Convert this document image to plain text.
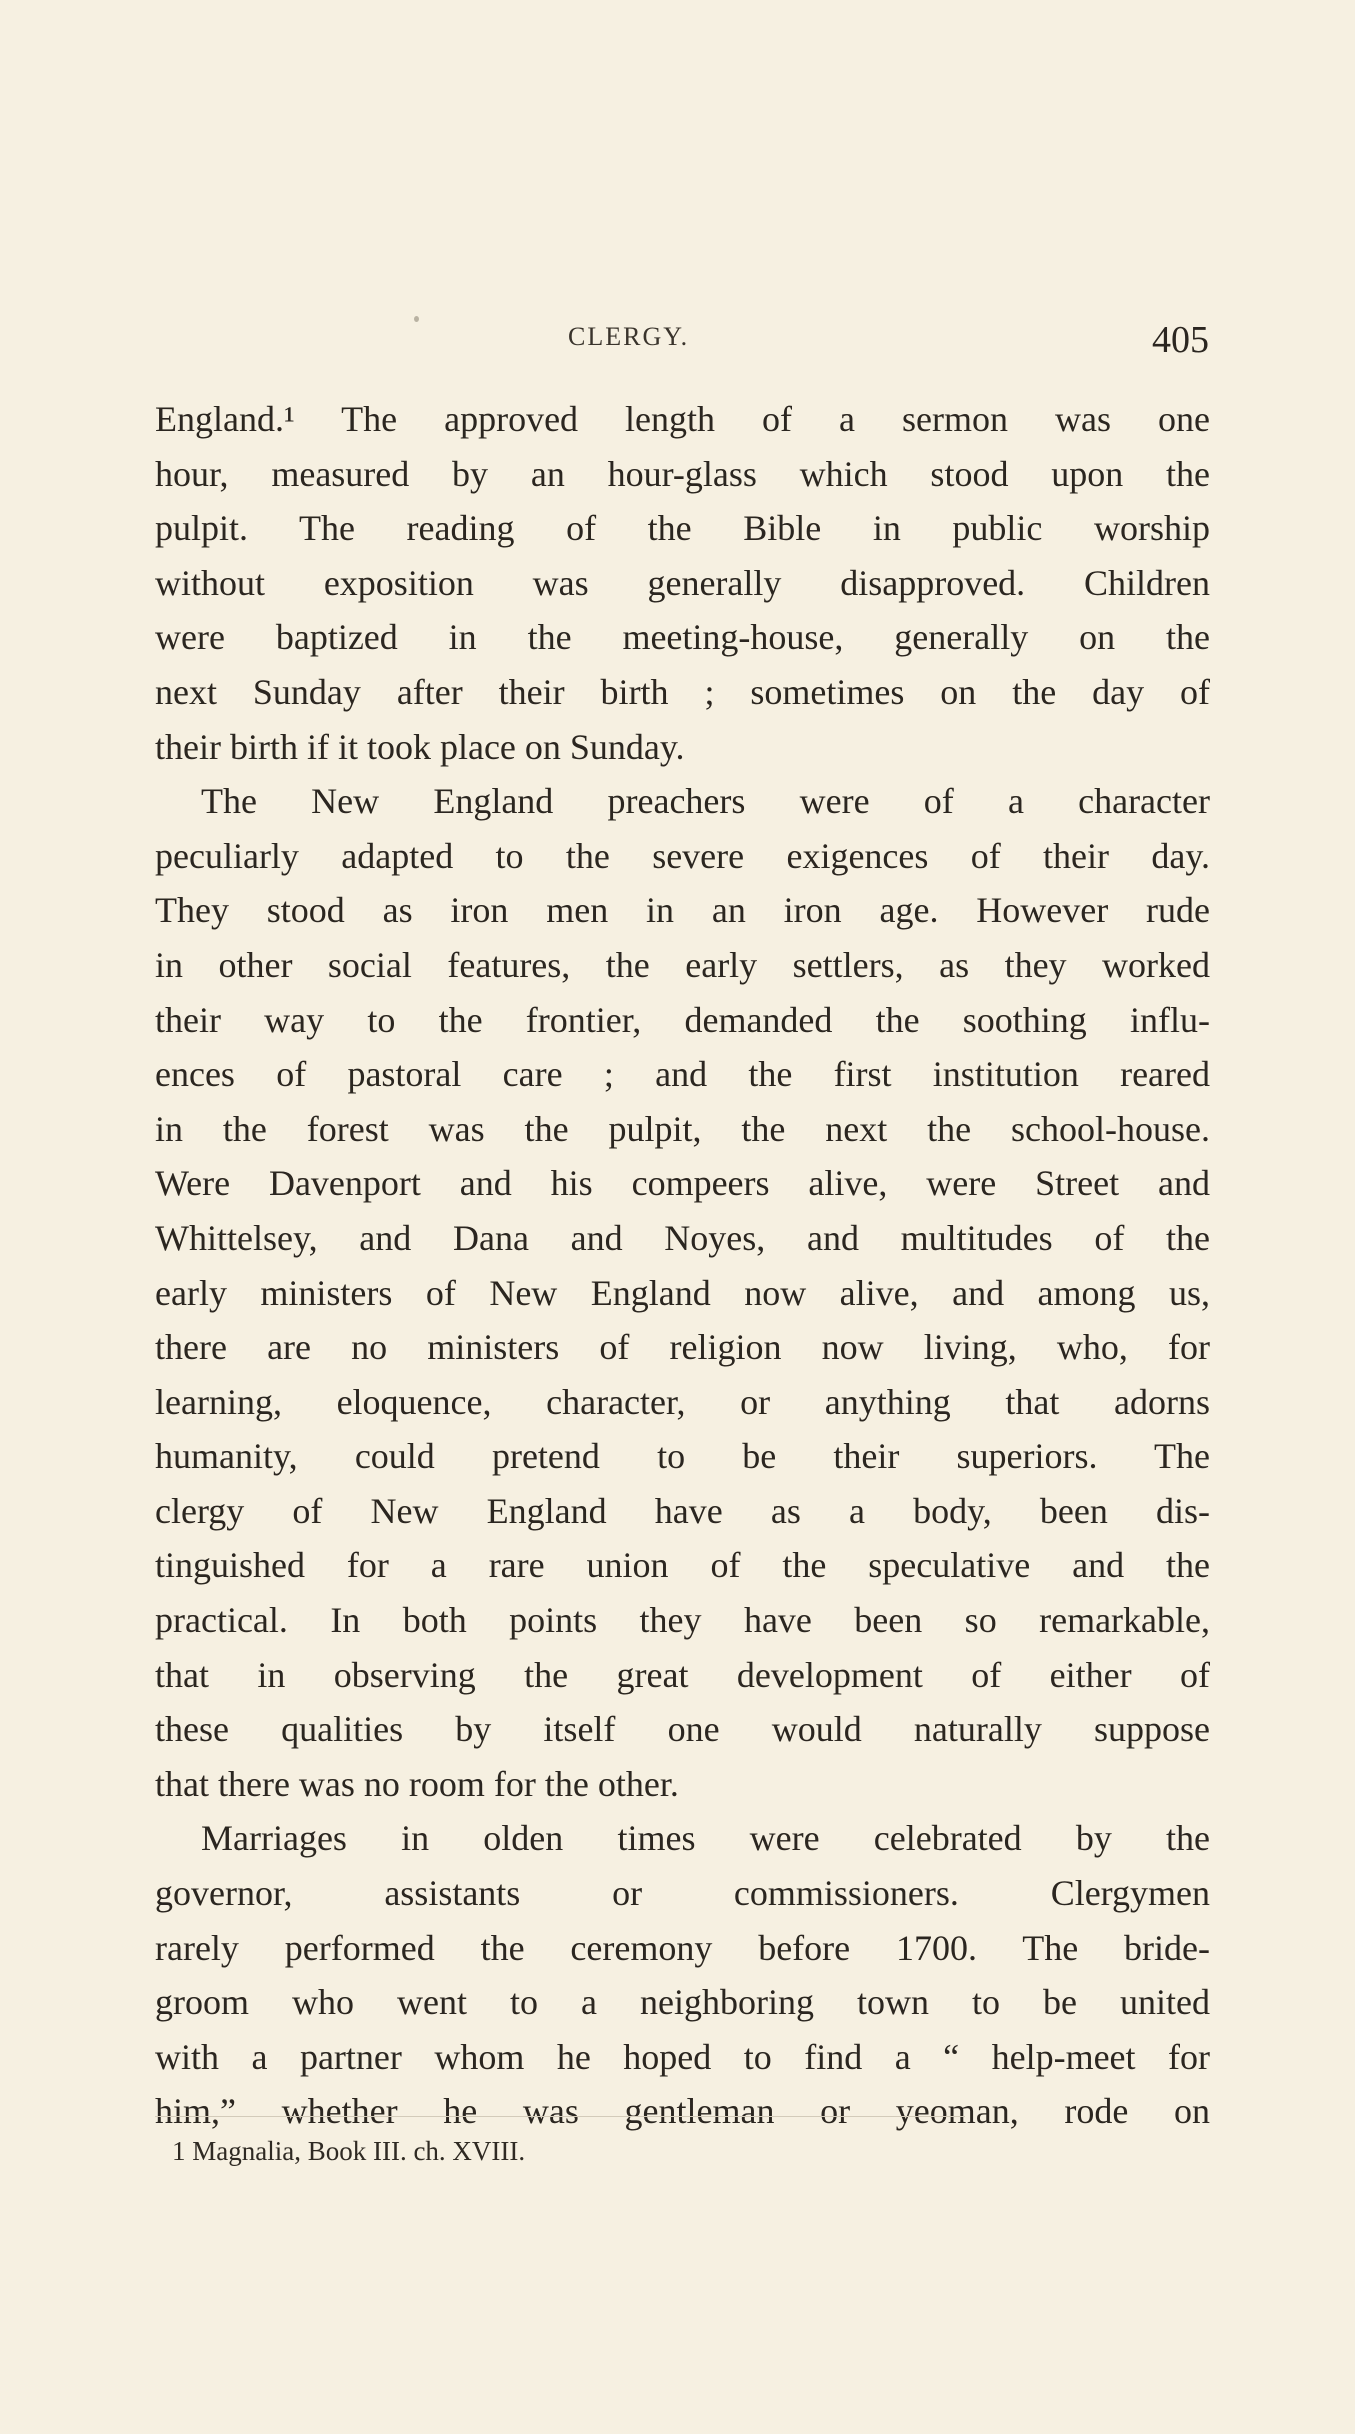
CLERGY.	405
England.¹ The approved length of a sermon was one
hour, measured by an hour-glass which stood upon the
pulpit. The reading of the Bible in public worship
without exposition was generally disapproved. Children
were baptized in the meeting-house, generally on the
next Sunday after their birth ; sometimes on the day of
their birth if it took place on Sunday.
The New England preachers were of a character
peculiarly adapted to the severe exigences of their day.
They stood as iron men in an iron age. However rude
in other social features, the early settlers, as they worked
their way to the frontier, demanded the soothing influ-
ences of pastoral care ; and the first institution reared
in the forest was the pulpit, the next the school-house.
Were Davenport and his compeers alive, were Street and
Whittelsey, and Dana and Noyes, and multitudes of the
early ministers of New England now alive, and among us,
there are no ministers of religion now living, who, for
learning, eloquence, character, or anything that adorns
humanity, could pretend to be their superiors. The
clergy of New England have as a body, been dis-
tinguished for a rare union of the speculative and the
practical. In both points they have been so remarkable,
that in observing the great development of either of
these qualities by itself one would naturally suppose
that there was no room for the other.
Marriages in olden times were celebrated by the
governor, assistants or commissioners. Clergymen
rarely performed the ceremony before 1700. The bride-
groom who went to a neighboring town to be united
with a partner whom he hoped to find a “ help-meet for
him,” whether he was gentleman or yeoman, rode on
1 Magnalia, Book III. ch. XVIII.
